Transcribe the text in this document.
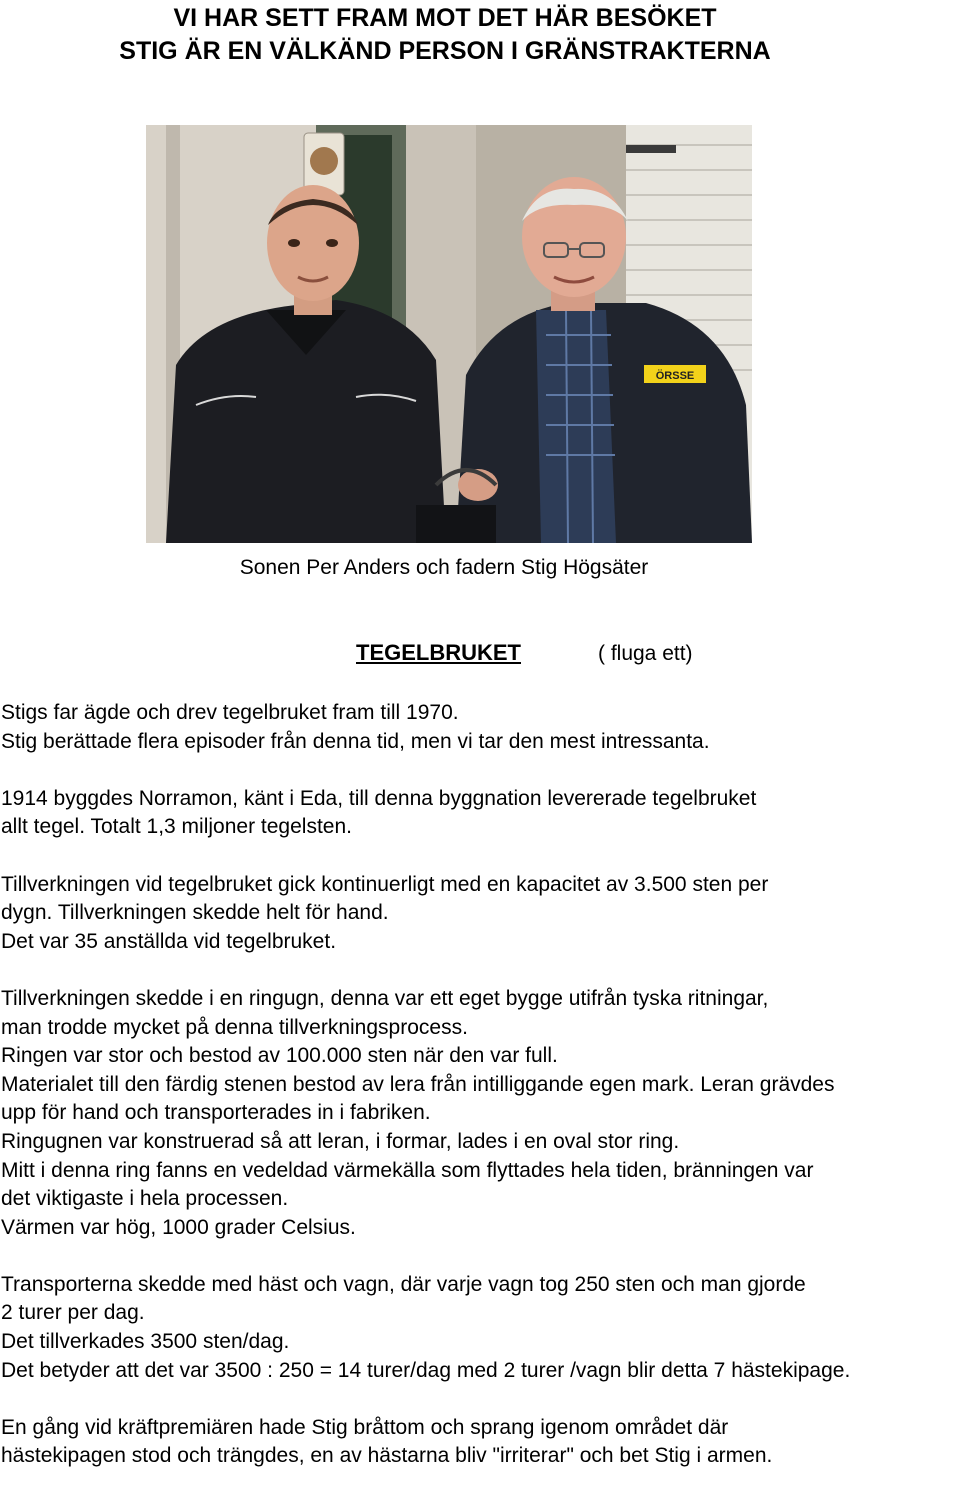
VI HAR SETT FRAM MOT DET HÄR BESÖKET
STIG ÄR EN VÄLKÄND PERSON I GRÄNSTRAKTERNA
ÖRSSE
Sonen Per Anders och fadern Stig Högsäter
TEGELBRUKET	( fluga ett)
Stigs far ägde och drev tegelbruket fram till 1970.
Stig berättade flera episoder från denna tid, men vi tar den mest intressanta.
1914 byggdes Norramon, känt i Eda, till denna byggnation levererade tegelbruket
allt tegel. Totalt 1,3 miljoner tegelsten.
Tillverkningen vid tegelbruket gick kontinuerligt med en kapacitet av 3.500 sten per
dygn. Tillverkningen skedde helt för hand.
Det var 35 anställda vid tegelbruket.
Tillverkningen skedde i en ringugn, denna var ett eget bygge utifrån tyska ritningar,
man trodde mycket på denna tillverkningsprocess.
Ringen var stor och bestod av 100.000 sten när den var full.
Materialet till den färdig stenen bestod av lera från intilliggande egen mark. Leran grävdes
upp för hand och transporterades in i fabriken.
Ringugnen var konstruerad så att leran, i formar, lades i en oval stor ring.
Mitt i denna ring fanns en vedeldad värmekälla som flyttades hela tiden, bränningen var
det viktigaste i hela processen.
Värmen var hög, 1000 grader Celsius.
Transporterna skedde med häst och vagn, där varje vagn tog 250 sten och man gjorde
2 turer per dag.
Det tillverkades 3500 sten/dag.
Det betyder att det var 3500 : 250 = 14 turer/dag med 2 turer /vagn blir detta 7 hästekipage.
En gång vid kräftpremiären hade Stig bråttom och sprang igenom området där
hästekipagen stod och trängdes, en av hästarna bliv "irriterar" och bet Stig i armen.
